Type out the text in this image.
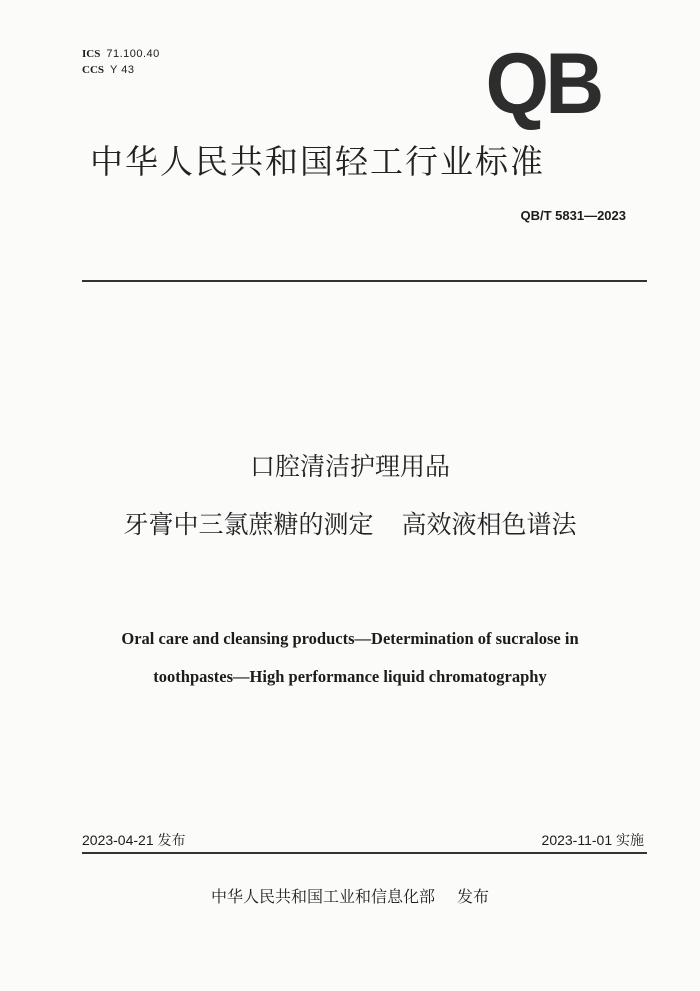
ICS 71.100.40
CCS Y 43	QB
中华人民共和国轻工行业标准
QB/T 5831—2023
口腔清洁护理用品
牙膏中三氯蔗糖的测定 高效液相色谱法
Oral care and cleansing products—Determination of sucralose in
toothpastes—High performance liquid chromatography
2023-04-21 发布	2023-11-01 实施
中华人民共和国工业和信息化部 发布
